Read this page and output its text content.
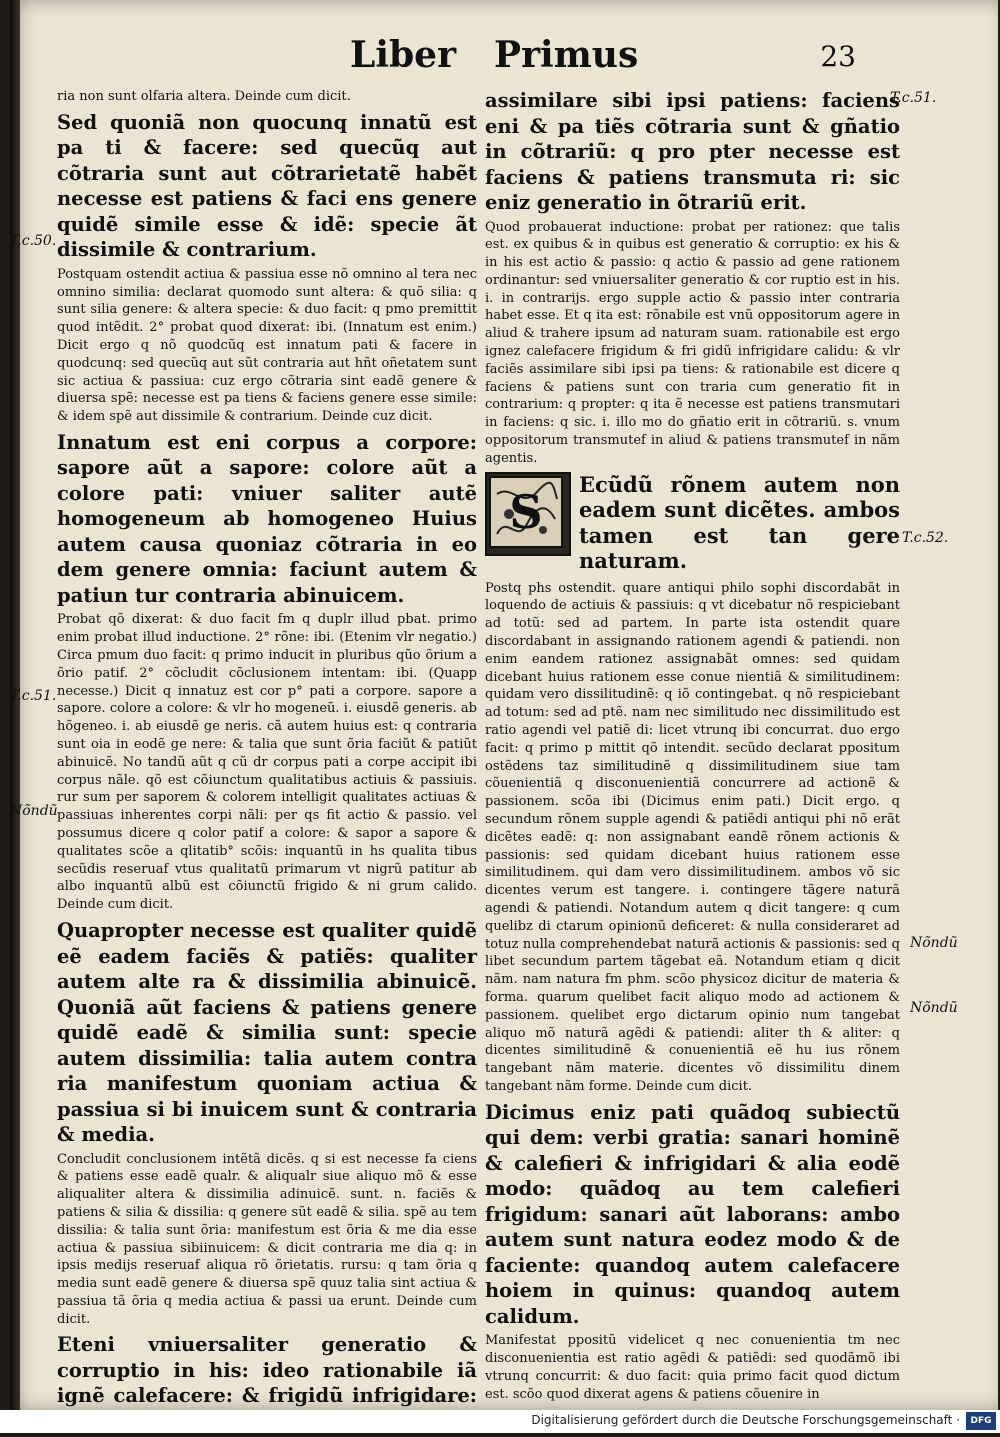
Liber Primus	23
ria non sunt olfaria altera. Deinde cum dicit.
Sed quoniã non quocunq innatũ est pa ti & facere: sed quecũq aut cõtraria sunt aut cõtrarietatẽ habẽt necesse est patiens & faci ens genere quidẽ simile esse & idẽ: specie ãt dissimile & contrarium.
Postquam ostendit actiua & passiua esse nõ omnino al tera nec omnino similia: declarat quomodo sunt altera: & quõ silia: q sunt silia genere: & altera specie: & duo facit: q pmo premittit quod intẽdit. 2° probat quod dixerat: ibi. (Innatum est enim.) Dicit ergo q nõ quodcũq est innatum pati & facere in quodcunq: sed quecũq aut sũt contraria aut hñt oñetatem sunt sic actiua & passiua: cuz ergo cõtraria sint eadẽ genere & diuersa spẽ: necesse est pa tiens & faciens genere esse simile: & idem spẽ aut dissimile & contrarium. Deinde cuz dicit.
Innatum est eni corpus a corpore: sapore aũt a sapore: colore aũt a colore pati: vniuer saliter autẽ homogeneum ab homogeneo Huius autem causa quoniaz cõtraria in eo dem genere omnia: faciunt autem & patiun tur contraria abinuicem.
Probat qõ dixerat: & duo facit fm q duplr illud pbat. primo enim probat illud inductione. 2° rõne: ibi. (Etenim vlr negatio.) Circa pmum duo facit: q primo inducit in pluribus qũo õrium a õrio patif. 2° cõcludit cõclusionem intentam: ibi. (Quapp necesse.) Dicit q innatuz est cor p° pati a corpore. sapore a sapore. colore a colore: & vlr ho mogeneũ. i. eiusdẽ generis. ab hõgeneo. i. ab eiusdẽ ge neris. cã autem huius est: q contraria sunt oia in eodẽ ge nere: & talia que sunt õria faciũt & patiũt abinuicẽ. No tandũ aũt q cũ dr corpus pati a corpe accipit ibi corpus nãle. qõ est cõiunctum qualitatibus actiuis & passiuis. rur sum per saporem & colorem intelligit qualitates actiuas & passiuas inherentes corpi nãli: per qs fit actio & passio. vel possumus dicere q color patif a colore: & sapor a sapore & qualitates scõe a qlitatib° scõis: inquantũ in hs qualita tibus secũdis reseruaf vtus qualitatũ primarum vt nigrũ patitur ab albo inquantũ albũ est cõiunctũ frigido & ni grum calido. Deinde cum dicit.
Quapropter necesse est qualiter quidẽ eẽ eadem faciẽs & patiẽs: qualiter autem alte ra & dissimilia abinuicẽ. Quoniã aũt faciens & patiens genere quidẽ eadẽ & similia sunt: specie autem dissimilia: talia autem contra ria manifestum quoniam actiua & passiua si bi inuicem sunt & contraria & media.
Concludit conclusionem intẽtã dicẽs. q si est necesse fa ciens & patiens esse eadẽ qualr. & aliqualr siue aliquo mõ & esse aliqualiter altera & dissimilia adinuicẽ. sunt. n. faciẽs & patiens & silia & dissilia: q genere sũt eadẽ & silia. spẽ au tem dissilia: & talia sunt õria: manifestum est õria & me dia esse actiua & passiua sibiinuicem: & dicit contraria me dia q: in ipsis medijs reseruaf aliqua rõ õrietatis. rursu: q tam õria q media sunt eadẽ genere & diuersa spẽ quuz talia sint actiua & passiua tã õria q media actiua & passi ua erunt. Deinde cum dicit.
Eteni vniuersaliter generatio & corruptio in his: ideo rationabile iã ignẽ calefacere: & frigidũ infrigidare:
assimilare sibi ipsi patiens: faciens eni & pa tiẽs cõtraria sunt & gñatio in cõtrariũ: q pro pter necesse est faciens & patiens transmuta ri: sic eniz generatio in õtrariũ erit.
Quod probauerat inductione: probat per rationez: que talis est. ex quibus & in quibus est generatio & corruptio: ex his & in his est actio & passio: q actio & passio ad gene rationem ordinantur: sed vniuersaliter generatio & cor ruptio est in his. i. in contrarijs. ergo supple actio & passio inter contraria habet esse. Et q ita est: rõnabile est vnũ oppositorum agere in aliud & trahere ipsum ad naturam suam. rationabile est ergo ignez calefacere frigidum & fri gidũ infrigidare calidu: & vlr faciẽs assimilare sibi ipsi pa tiens: & rationabile est dicere q faciens & patiens sunt con traria cum generatio fit in contrarium: q propter: q ita ẽ necesse est patiens transmutari in faciens: q sic. i. illo mo do gñatio erit in cõtrariũ. s. vnum oppositorum transmutef in aliud & patiens transmutef in nãm agentis.
S
Ecũdũ rõnem autem non eadem sunt dicẽtes. ambos tamen est tan gere naturam.
Postq phs ostendit. quare antiqui philo sophi discordabãt in loquendo de actiuis & passiuis: q vt dicebatur nõ respiciebant ad totũ: sed ad partem. In parte ista ostendit quare discordabant in assignando rationem agendi & patiendi. non enim eandem rationez assignabãt omnes: sed quidam dicebant huius rationem esse conue nientiã & similitudinem: quidam vero dissilitudinẽ: q iõ contingebat. q nõ respiciebant ad totum: sed ad ptẽ. nam nec similitudo nec dissimilitudo est ratio agendi vel patiẽ di: licet vtrunq ibi concurrat. duo ergo facit: q primo p mittit qõ intendit. secũdo declarat ppositum ostẽdens taz similitudinẽ q dissimilitudinem siue tam cõuenientiã q disconuenientiã concurrere ad actionẽ & passionem. scõa ibi (Dicimus enim pati.) Dicit ergo. q secundum rõnem supple agendi & patiẽdi antiqui phi nõ erãt dicẽtes eadẽ: q: non assignabant eandẽ rõnem actionis & passionis: sed quidam dicebant huius rationem esse similitudinem. qui dam vero dissimilitudinem. ambos võ sic dicentes verum est tangere. i. contingere tãgere naturã agendi & patiendi. Notandum autem q dicit tangere: q cum quelibz di ctarum opinionũ deficeret: & nulla consideraret ad totuz nulla comprehendebat naturã actionis & passionis: sed q libet secundum partem tãgebat eã. Notandum etiam q dicit nãm. nam natura fm phm. scõo physicoz dicitur de materia & forma. quarum quelibet facit aliquo modo ad actionem & passionem. quelibet ergo dictarum opinio num tangebat aliquo mõ naturã agẽdi & patiendi: aliter th & aliter: q dicentes similitudinẽ & conuenientiã eẽ hu ius rõnem tangebant nãm materie. dicentes võ dissimilitu dinem tangebant nãm forme. Deinde cum dicit.
Dicimus eniz pati quãdoq subiectũ qui dem: verbi gratia: sanari hominẽ & calefieri & infrigidari & alia eodẽ modo: quãdoq au tem calefieri frigidum: sanari aũt laborans: ambo autem sunt natura eodez modo & de faciente: quandoq autem calefacere hoiem in quinus: quandoq autem calidum.
Manifestat ppositũ videlicet q nec conuenientia tm nec disconuenientia est ratio agẽdi & patiẽdi: sed quodãmõ ibi vtrunq concurrit: & duo facit: quia primo facit quod dictum est. scõo quod dixerat agens & patiens cõuenire in
T.c.51.
T.c.50.
T.c.52.
T.c.51.
Nõndũ
Nõndũ
Nõndũ
Digitalisierung gefördert durch die Deutsche Forschungsgemeinschaft ·	DFG
